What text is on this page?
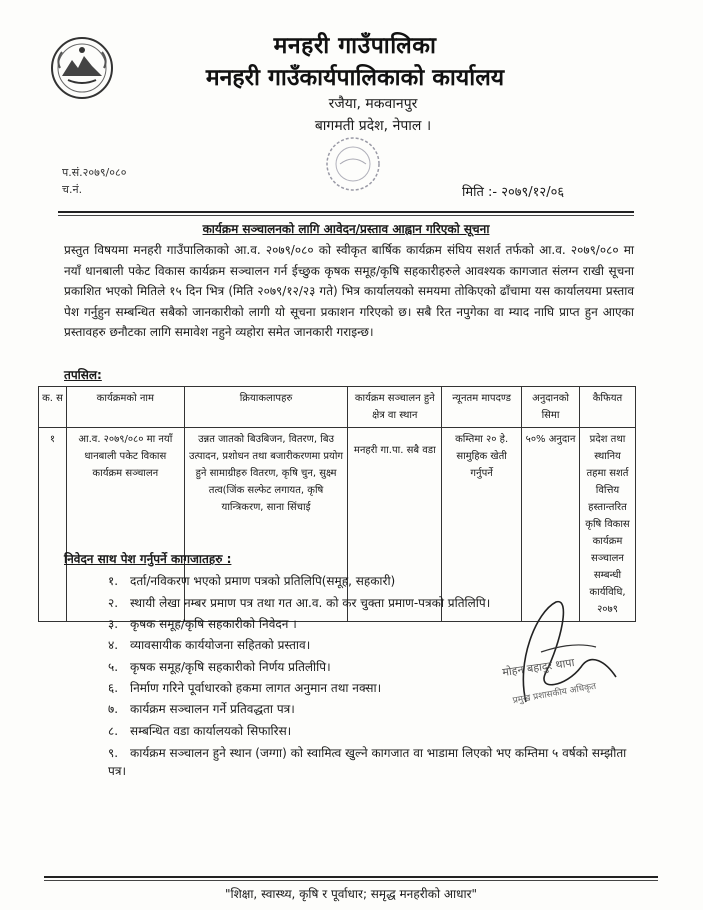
मनहरी गाउँपालिका
मनहरी गाउँकार्यपालिकाको कार्यालय
रजैया, मकवानपुर
बागमती प्रदेश, नेपाल ।
प.सं.२०७९/०८०
च.नं.	मिति :- २०७९/१२/०६
कार्यक्रम सञ्चालनको लागि आवेदन/प्रस्ताव आह्वान गरिएको सूचना
प्रस्तुत विषयमा मनहरी गाउँपालिकाको आ.व. २०७९/०८० को स्वीकृत बार्षिक कार्यक्रम संघिय सशर्त तर्फको आ.व. २०७९/०८० मा नयाँ धानबाली पकेट विकास कार्यक्रम सञ्चालन गर्न ईच्छुक कृषक समूह/कृषि सहकारीहरुले आवश्यक कागजात संलग्न राखी सूचना प्रकाशित भएको मितिले १५ दिन भित्र (मिति २०७९/१२/२३ गते) भित्र कार्यालयको समयमा तोकिएको ढाँचामा यस कार्यालयमा प्रस्ताव पेश गर्नुहुन सम्बन्धित सबैको जानकारीको लागी यो सूचना प्रकाशन गरिएको छ। सबै रित नपुगेका वा म्याद नाघि प्राप्त हुन आएका प्रस्तावहरु छनौटका लागि समावेश नहुने व्यहोरा समेत जानकारी गराइन्छ।
तपसिल:
क. स	कार्यक्रमको नाम	क्रियाकलापहरु	कार्यक्रम सञ्चालन हुने क्षेत्र वा स्थान	न्यूनतम मापदण्ड	अनुदानको सिमा	कैफियत
१	आ.व. २०७९/०८० मा नयाँ धानबाली पकेट विकास कार्यक्रम सञ्चालन	उन्नत जातको बिउबिजन, वितरण, बिउ उत्पादन, प्रशोधन तथा बजारीकरणमा प्रयोग हुने सामाग्रीहरु वितरण, कृषि चुन, सुक्ष्म तत्व(जिंक सल्फेट लगायत, कृषि यान्त्रिकरण, साना सिंचाई	मनहरी गा.पा. सबै वडा	कम्तिमा २० हे. सामुहिक खेती गर्नुपर्ने	५०% अनुदान	प्रदेश तथा स्थानिय तहमा सशर्त वित्तिय हस्तान्तरित कृषि विकास कार्यक्रम सञ्चालन सम्बन्धी कार्यविधि, २०७९
निवेदन साथ पेश गर्नुपर्ने कागजातहरु :
१. दर्ता/नविकरण भएको प्रमाण पत्रको प्रतिलिपि(समूह, सहकारी)
२. स्थायी लेखा नम्बर प्रमाण पत्र तथा गत आ.व. को कर चुक्ता प्रमाण-पत्रको प्रतिलिपि।
३. कृषक समूह/कृषि सहकारीको निवेदन ।
४. व्यावसायीक कार्ययोजना सहितको प्रस्ताव।
५. कृषक समूह/कृषि सहकारीको निर्णय प्रतिलीपि।
६. निर्माण गरिने पूर्वाधारको हकमा लागत अनुमान तथा नक्सा।
७. कार्यक्रम सञ्चालन गर्ने प्रतिवद्धता पत्र।
८. सम्बन्धित वडा कार्यालयको सिफारिस।
९. कार्यक्रम सञ्चालन हुने स्थान (जग्गा) को स्वामित्व खुल्ने कागजात वा भाडामा लिएको भए कम्तिमा ५ वर्षको सम्झौता पत्र।
मोहन बहादुर थापा
प्रमुख प्रशासकीय अधिकृत
"शिक्षा, स्वास्थ्य, कृषि र पूर्वाधार; समृद्ध मनहरीको आधार"
